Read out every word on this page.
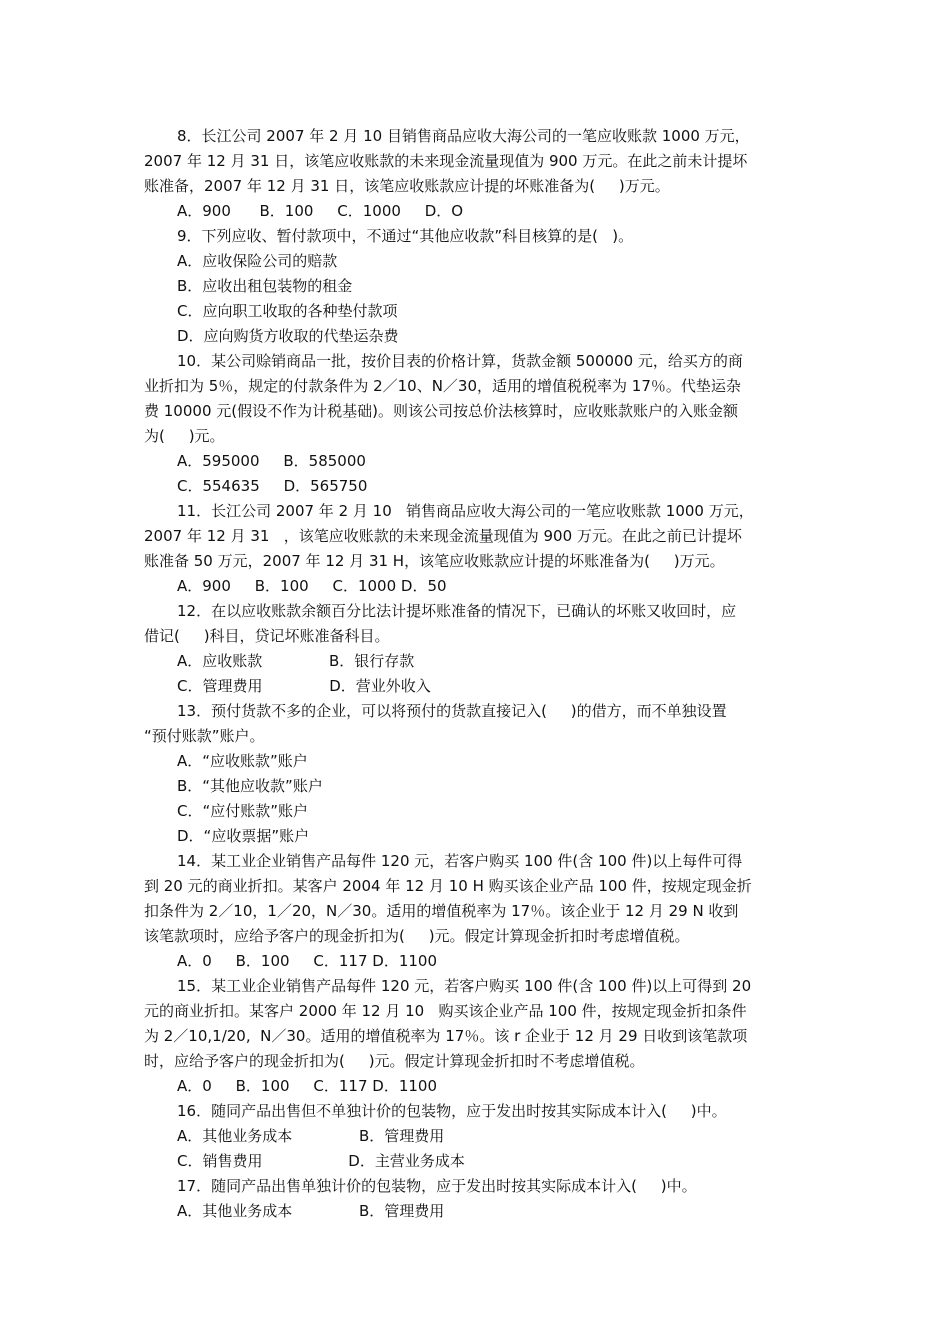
8．长江公司 2007 年 2 月 10 目销售商品应收大海公司的一笔应收账款 1000 万元，
2007 年 12 月 31 日，该笔应收账款的未来现金流量现值为 900 万元。在此之前未计提坏
账准备，2007 年 12 月 31 日，该笔应收账款应计提的坏账准备为(     )万元。
A．900      B．100     C．1000     D．O
9．下列应收、暂付款项中，不通过“其他应收款”科目核算的是(   )。
A．应收保险公司的赔款
B．应收出租包装物的租金
C．应向职工收取的各种垫付款项
D．应向购货方收取的代垫运杂费
10．某公司赊销商品一批，按价目表的价格计算，货款金额 500000 元，给买方的商
业折扣为 5％，规定的付款条件为 2／10、N／30，适用的增值税税率为 17％。代垫运杂
费 10000 元(假设不作为计税基础)。则该公司按总价法核算时，应收账款账户的入账金额
为(     )元。
A．595000     B．585000
C．554635     D．565750
11．长江公司 2007 年 2 月 10   销售商品应收大海公司的一笔应收账款 1000 万元，
2007 年 12 月 31   ，该笔应收账款的未来现金流量现值为 900 万元。在此之前已计提坏
账准备 50 万元，2007 年 12 月 31 H，该笔应收账款应计提的坏账准备为(     )万元。
A．900     B．100     C．1000 D．50
12．在以应收账款余额百分比法计提坏账准备的情况下，已确认的坏账又收回时，应
借记(     )科目，贷记坏账准备科目。
A．应收账款              B．银行存款
C．管理费用              D．营业外收入
13．预付货款不多的企业，可以将预付的货款直接记入(     )的借方，而不单独设置
“预付账款”账户。
A．“应收账款”账户
B．“其他应收款”账户
C．“应付账款”账户
D．“应收票据”账户
14．某工业企业销售产品每件 120 元，若客户购买 100 件(含 100 件)以上每件可得
到 20 元的商业折扣。某客户 2004 年 12 月 10 H 购买该企业产品 100 件，按规定现金折
扣条件为 2／10，1／20，N／30。适用的增值税率为 17％。该企业于 12 月 29 N 收到
该笔款项时，应给予客户的现金折扣为(     )元。假定计算现金折扣时考虑增值税。
A．0     B．100     C．117 D．1100
15．某工业企业销售产品每件 120 元，若客户购买 100 件(含 100 件)以上可得到 20
元的商业折扣。某客户 2000 年 12 月 10   购买该企业产品 100 件，按规定现金折扣条件
为 2／10,1/20,  N／30。适用的增值税率为 17％。该 r 企业于 12 月 29 日收到该笔款项
时，应给予客户的现金折扣为(     )元。假定计算现金折扣时不考虑增值税。
A．0     B．100     C．117 D．1100
16．随同产品出售但不单独计价的包装物，应于发出时按其实际成本计入(     )中。
A．其他业务成本              B．管理费用
C．销售费用                  D．主营业务成本
17．随同产品出售单独计价的包装物，应于发出时按其实际成本计入(     )中。
A．其他业务成本              B．管理费用
